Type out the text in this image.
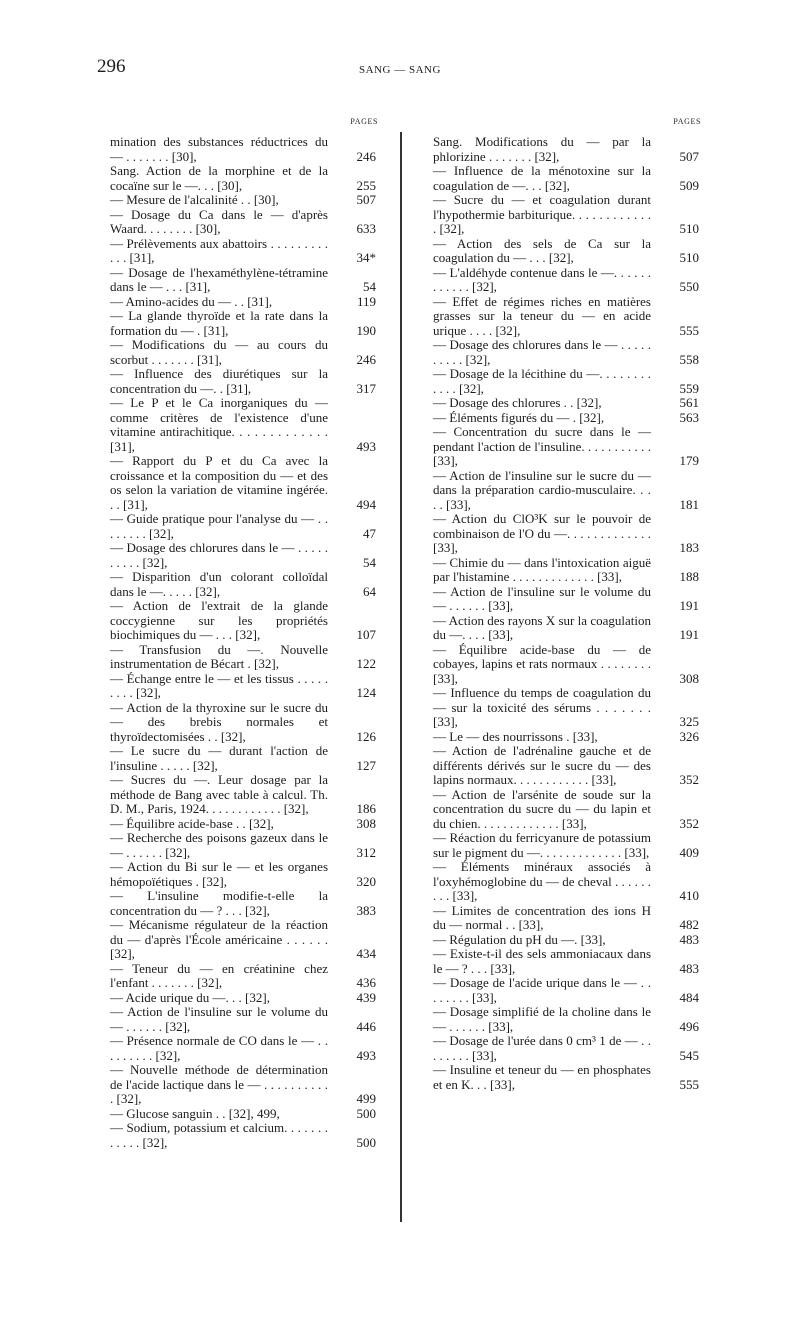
296	SANG — SANG
PAGES
mination des substances réductrices du — . . . . . . . [30],	246
Sang. Action de la morphine et de la cocaïne sur le —. . . [30],	255
— Mesure de l'alcalinité . . [30],	507
— Dosage du Ca dans le — d'après Waard. . . . . . . . [30],	633
— Prélèvements aux abattoirs . . . . . . . . . . . . [31],	34*
— Dosage de l'hexaméthylène-tétramine dans le — . . . [31],	54
— Amino-acides du — . . [31],	119
— La glande thyroïde et la rate dans la formation du — . [31],	190
— Modifications du — au cours du scorbut . . . . . . . [31],	246
— Influence des diurétiques sur la concentration du —. . [31],	317
— Le P et le Ca inorganiques du — comme critères de l'existence d'une vitamine antirachitique. . . . . . . . . . . . . [31],	493
— Rapport du P et du Ca avec la croissance et la composition du — et des os selon la variation de vitamine ingérée. . . [31],	494
— Guide pratique pour l'analyse du — . . . . . . . . [32],	47
— Dosage des chlorures dans le — . . . . . . . . . . [32],	54
— Disparition d'un colorant colloïdal dans le —. . . . . [32],	64
— Action de l'extrait de la glande coccygienne sur les propriétés biochimiques du — . . . [32],	107
— Transfusion du —. Nouvelle instrumentation de Bécart . [32],	122
— Échange entre le — et les tissus . . . . . . . . . [32],	124
— Action de la thyroxine sur le sucre du — des brebis normales et thyroïdectomisées . . [32],	126
— Le sucre du — durant l'action de l'insuline . . . . . [32],	127
— Sucres du —. Leur dosage par la méthode de Bang avec table à calcul. Th. D. M., Paris, 1924. . . . . . . . . . . . [32],	186
— Équilibre acide-base . . [32],	308
— Recherche des poisons gazeux dans le — . . . . . . [32],	312
— Action du Bi sur le — et les organes hémopoïétiques . [32],	320
— L'insuline modifie-t-elle la concentration du — ? . . . [32],	383
— Mécanisme régulateur de la réaction du — d'après l'École américaine . . . . . . [32],	434
— Teneur du — en créatinine chez l'enfant . . . . . . . [32],	436
— Acide urique du —. . . [32],	439
— Action de l'insuline sur le volume du — . . . . . . [32],	446
— Présence normale de CO dans le — . . . . . . . . . [32],	493
— Nouvelle méthode de détermination de l'acide lactique dans le — . . . . . . . . . . . [32],	499
— Glucose sanguin . . [32], 499,	500
— Sodium, potassium et calcium. . . . . . . . . . . . [32],	500
PAGES
Sang. Modifications du — par la phlorizine . . . . . . . [32],	507
— Influence de la ménotoxine sur la coagulation de —. . . [32],	509
— Sucre du — et coagulation durant l'hypothermie barbiturique. . . . . . . . . . . . . [32],	510
— Action des sels de Ca sur la coagulation du — . . . [32],	510
— L'aldéhyde contenue dans le —. . . . . . . . . . . . [32],	550
— Effet de régimes riches en matières grasses sur la teneur du — en acide urique . . . . [32],	555
— Dosage des chlorures dans le — . . . . . . . . . . [32],	558
— Dosage de la lécithine du —. . . . . . . . . . . . [32],	559
— Dosage des chlorures . . [32],	561
— Éléments figurés du — . [32],	563
— Concentration du sucre dans le — pendant l'action de l'insuline. . . . . . . . . . . [33],	179
— Action de l'insuline sur le sucre du — dans la préparation cardio-musculaire. . . . . [33],	181
— Action du ClO³K sur le pouvoir de combinaison de l'O du —. . . . . . . . . . . . . [33],	183
— Chimie du — dans l'intoxication aiguë par l'histamine . . . . . . . . . . . . . [33],	188
— Action de l'insuline sur le volume du — . . . . . . [33],	191
— Action des rayons X sur la coagulation du —. . . . [33],	191
— Équilibre acide-base du — de cobayes, lapins et rats normaux . . . . . . . . [33],	308
— Influence du temps de coagulation du — sur la toxicité des sérums . . . . . . . [33],	325
— Le — des nourrissons . [33],	326
— Action de l'adrénaline gauche et de différents dérivés sur le sucre du — des lapins normaux. . . . . . . . . . . . [33],	352
— Action de l'arsénite de soude sur la concentration du sucre du — du lapin et du chien. . . . . . . . . . . . . [33],	352
— Réaction du ferricyanure de potassium sur le pigment du —. . . . . . . . . . . . . [33],	409
— Éléments minéraux associés à l'oxyhémoglobine du — de cheval . . . . . . . . . [33],	410
— Limites de concentration des ions H du — normal . . [33],	482
— Régulation du pH du —. [33],	483
— Existe-t-il des sels ammoniacaux dans le — ? . . . [33],	483
— Dosage de l'acide urique dans le — . . . . . . . . [33],	484
— Dosage simplifié de la choline dans le — . . . . . . [33],	496
— Dosage de l'urée dans 0 cm³ 1 de — . . . . . . . . [33],	545
— Insuline et teneur du — en phosphates et en K. . . [33],	555
